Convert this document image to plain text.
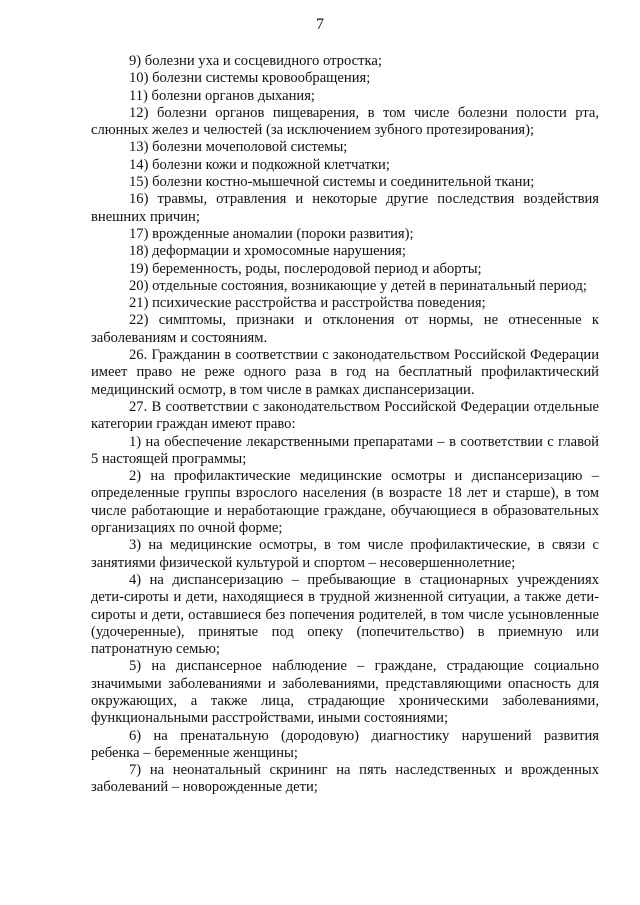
7

9) болезни уха и сосцевидного отростка;

10) болезни системы кровообращения;

11) болезни органов дыхания;

12) болезни органов пищеварения, в том числе болезни полости рта, слюнных желез и челюстей (за исключением зубного протезирования);

13) болезни мочеполовой системы;

14) болезни кожи и подкожной клетчатки;

15) болезни костно-мышечной системы и соединительной ткани;

16) травмы, отравления и некоторые другие последствия воздействия внешних причин;

17) врожденные аномалии (пороки развития);

18) деформации и хромосомные нарушения;

19) беременность, роды, послеродовой период и аборты;

20) отдельные состояния, возникающие у детей в перинатальный период;

21) психические расстройства и расстройства поведения;

22) симптомы, признаки и отклонения от нормы, не отнесенные к заболеваниям и состояниям.

26. Гражданин в соответствии с законодательством Российской Федерации имеет право не реже одного раза в год на бесплатный профилактический медицинский осмотр, в том числе в рамках диспансеризации.

27. В соответствии с законодательством Российской Федерации отдельные категории граждан имеют право:

1) на обеспечение лекарственными препаратами – в соответствии с главой 5 настоящей программы;

2) на профилактические медицинские осмотры и диспансеризацию – определенные группы взрослого населения (в возрасте 18 лет и старше), в том числе работающие и неработающие граждане, обучающиеся в образовательных организациях по очной форме;

3) на медицинские осмотры, в том числе профилактические, в связи с занятиями физической культурой и спортом – несовершеннолетние;

4) на диспансеризацию – пребывающие в стационарных учреждениях дети-сироты и дети, находящиеся в трудной жизненной ситуации, а также дети-сироты и дети, оставшиеся без попечения родителей, в том числе усыновленные (удочеренные), принятые под опеку (попечительство) в приемную или патронатную семью;

5) на диспансерное наблюдение – граждане, страдающие социально значимыми заболеваниями и заболеваниями, представляющими опасность для окружающих, а также лица, страдающие хроническими заболеваниями, функциональными расстройствами, иными состояниями;

6) на пренатальную (дородовую) диагностику нарушений развития ребенка – беременные женщины;

7) на неонатальный скрининг на пять наследственных и врожденных заболеваний – новорожденные дети;
